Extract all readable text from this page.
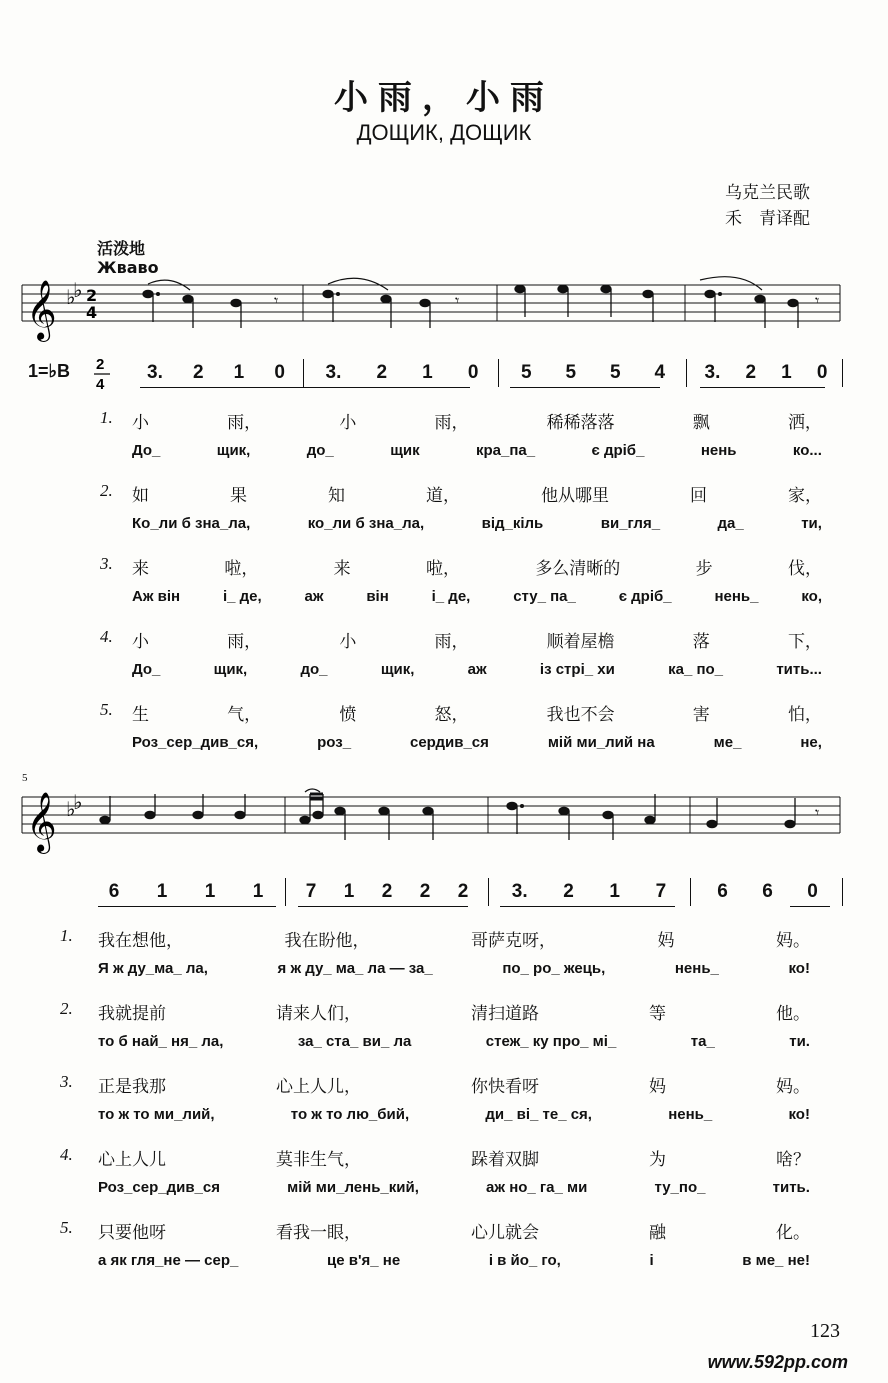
小雨，小雨
ДОЩИК, ДОЩИК
乌克兰民歌
禾　青译配
活泼地
Жваво
𝄞 ♭
♭ 2
4
𝄾	𝄾	𝄾
1=♭B 2
4
3. 2 1 0 3. 2 1 0 5 5 5 4 3. 2 1 0
1. 小	雨，	小	雨，	稀稀落落	飘	洒，
До_	щик,	до_	щик	кра_па_	є дріб_	нень	ко...
2. 如	果	知	道，	他从哪里	回	家，
Ко_ли б зна_ла,	ко_ли б зна_ла,	від_кіль	ви_гля_	да_	ти,
3. 来	啦，	来	啦，	多么清晰的	步	伐，
Аж він	і_ де,	аж	він	і_ де,	сту_ па_	є дріб_	нень_	ко,
4. 小	雨，	小	雨，	顺着屋檐	落	下，
До_	щик,	до_	щик,	аж	із стрі_ хи	ка_ по_	тить...
5. 生	气，	愤	怒，	我也不会	害	怕，
Роз_сер_див_ся,	роз_	сердив_ся	мій ми_лий на	ме_	не,
5
𝄞 ♭
♭	𝄾
6 1 1 1 7 1 2 2 2 3. 2 1 7	6 6 0
1. 我在想他，	我在盼他，	哥萨克呀，	妈	妈。
Я ж ду_ма_ ла,	я ж ду_ ма_ ла — за_	по_ ро_ жець,	нень_	ко!
2. 我就提前	请来人们，	清扫道路	等	他。
то б най_ ня_ ла,	за_ ста_ ви_ ла	стеж_ ку про_ мі_	та_	ти.
3. 正是我那	心上人儿，	你快看呀	妈	妈。
то ж то ми_лий,	то ж то лю_бий,	ди_ ві_ те_ ся,	нень_	ко!
4. 心上人儿	莫非生气，	跺着双脚	为	啥？
Роз_сер_див_ся	мій ми_лень_кий,	аж но_ га_ ми	ту_по_	тить.
5. 只要他呀	看我一眼，	心儿就会	融	化。
а як гля_не — сер_	це в'я_ не	і в йо_ го,	і	в ме_ не!
123
www.592pp.com
